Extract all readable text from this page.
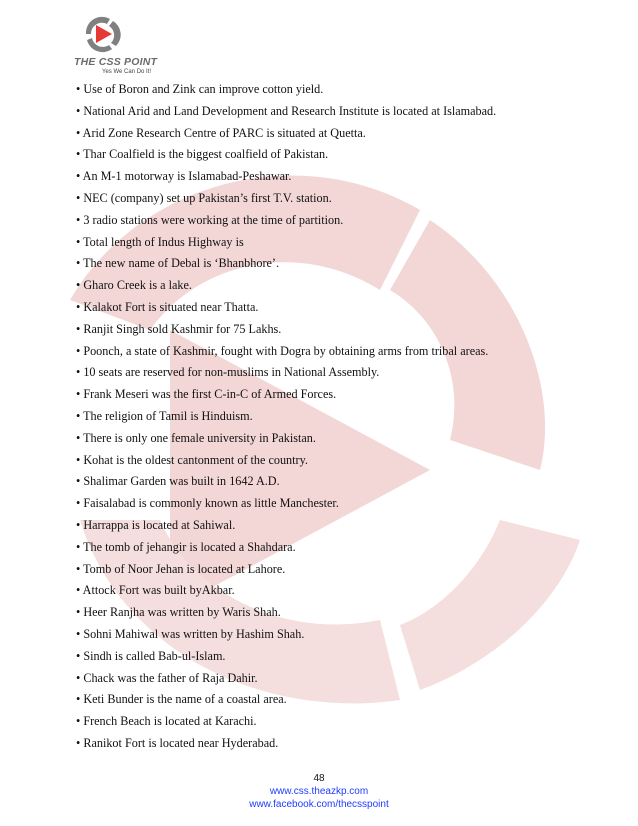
THE CSS POINT
Yes We Can Do It!
• Use of Boron and Zink can improve cotton yield.
• National Arid and Land Development and Research Institute is located at Islamabad.
• Arid Zone Research Centre of PARC is situated at Quetta.
• Thar Coalfield is the biggest coalfield of Pakistan.
• An M-1 motorway is Islamabad-Peshawar.
• NEC (company) set up Pakistan’s first T.V. station.
• 3 radio stations were working at the time of partition.
• Total length of Indus Highway is
• The new name of Debal is ‘Bhanbhore’.
• Gharo Creek is a lake.
• Kalakot Fort is situated near Thatta.
• Ranjit Singh sold Kashmir for 75 Lakhs.
• Poonch, a state of Kashmir, fought with Dogra by obtaining arms from tribal areas.
• 10 seats are reserved for non-muslims in National Assembly.
• Frank Meseri was the first C-in-C of Armed Forces.
• The religion of Tamil is Hinduism.
• There is only one female university in Pakistan.
• Kohat is the oldest cantonment of the country.
• Shalimar Garden was built in 1642 A.D.
• Faisalabad is commonly known as little Manchester.
• Harrappa is located at Sahiwal.
• The tomb of jehangir is located a Shahdara.
• Tomb of Noor Jehan is located at Lahore.
• Attock Fort was built byAkbar.
• Heer Ranjha was written by Waris Shah.
• Sohni Mahiwal was written by Hashim Shah.
• Sindh is called Bab-ul-Islam.
• Chack was the father of Raja Dahir.
• Keti Bunder is the name of a coastal area.
• French Beach is located at Karachi.
• Ranikot Fort is located near Hyderabad.
48
www.css.theazkp.com
www.facebook.com/thecsspoint
